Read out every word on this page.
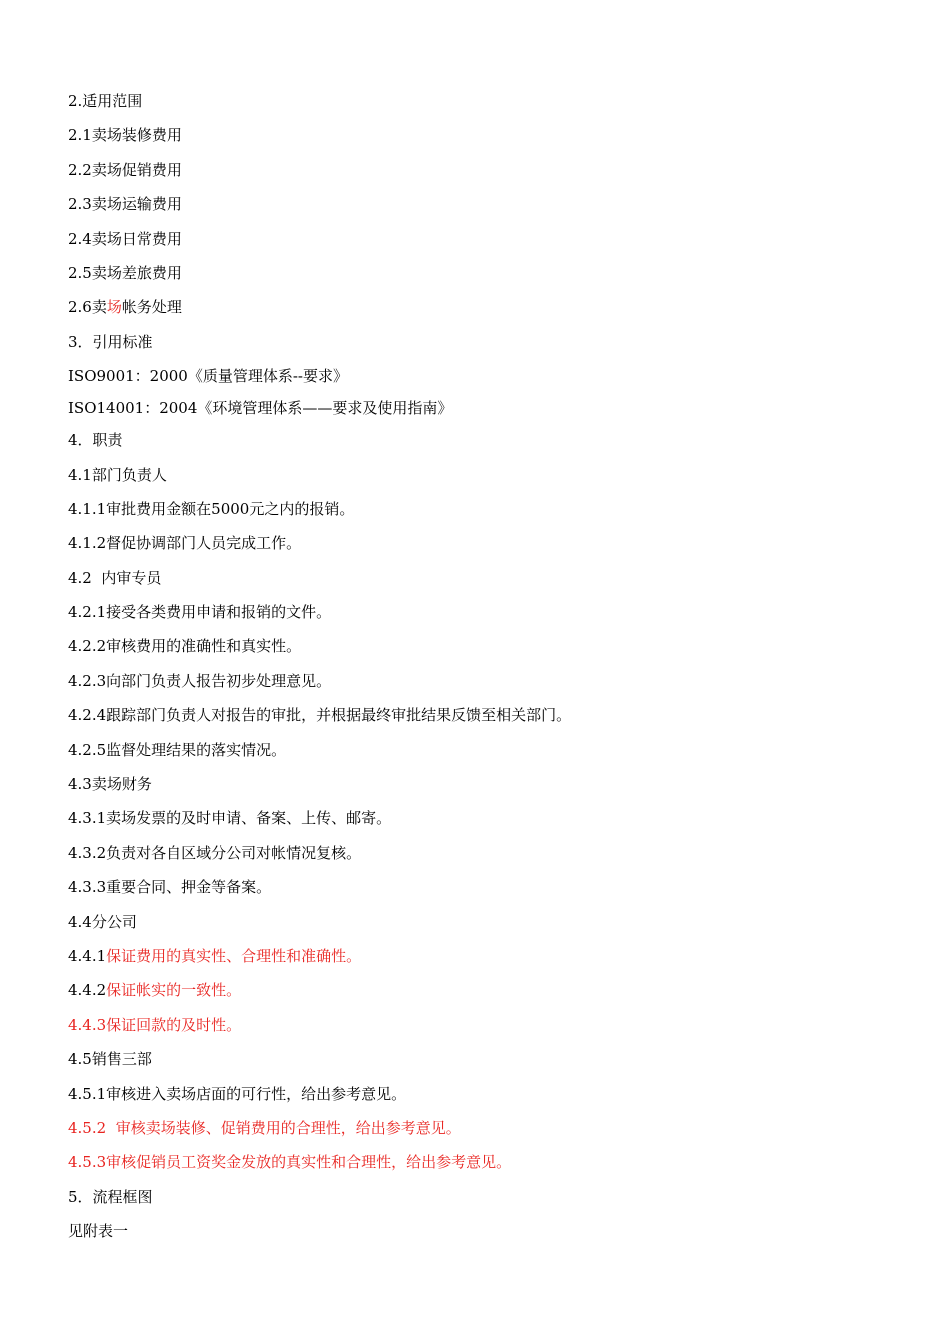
2.适用范围
2.1卖场装修费用
2.2卖场促销费用
2.3卖场运输费用
2.4卖场日常费用
2.5卖场差旅费用
2.6卖场帐务处理
3．引用标准
ISO9001：2000《质量管理体系--要求》
ISO14001：2004《环境管理体系——要求及使用指南》
4．职责
4.1部门负责人
4.1.1审批费用金额在5000元之内的报销。
4.1.2督促协调部门人员完成工作。
4.2  内审专员
4.2.1接受各类费用申请和报销的文件。
4.2.2审核费用的准确性和真实性。
4.2.3向部门负责人报告初步处理意见。
4.2.4跟踪部门负责人对报告的审批，并根据最终审批结果反馈至相关部门。
4.2.5监督处理结果的落实情况。
4.3卖场财务
4.3.1卖场发票的及时申请、备案、上传、邮寄。
4.3.2负责对各自区域分公司对帐情况复核。
4.3.3重要合同、押金等备案。
4.4分公司
4.4.1保证费用的真实性、合理性和准确性。
4.4.2保证帐实的一致性。
4.4.3保证回款的及时性。
4.5销售三部
4.5.1审核进入卖场店面的可行性，给出参考意见。
4.5.2  审核卖场装修、促销费用的合理性，给出参考意见。
4.5.3审核促销员工资奖金发放的真实性和合理性，给出参考意见。
5．流程框图
见附表一
